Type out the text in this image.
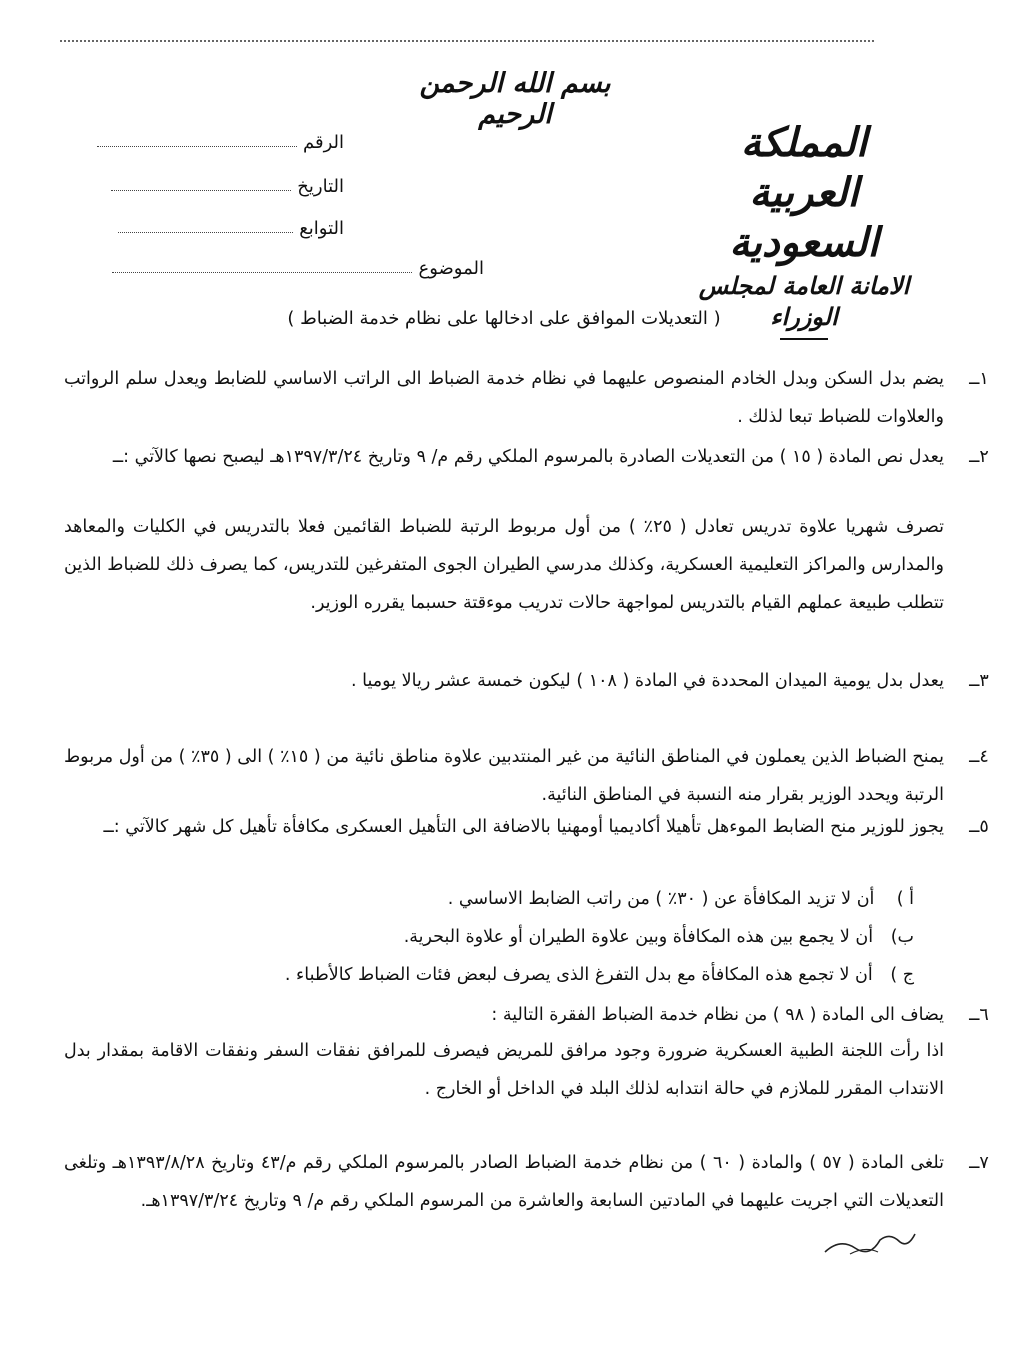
بسم الله الرحمن الرحيم
المملكة العربية السعودية
الامانة العامة لمجلس الوزراء
الرقم
التاريخ
التوابع
الموضوع
( التعديلات الموافق على ادخالها على نظام خدمة الضباط )
١ــ

يضم بدل السكن وبدل الخادم المنصوص عليهما في نظام خدمة الضباط الى الراتب الاساسي للضابط ويعدل سلم الرواتب والعلاوات للضباط تبعا لذلك .

٢ــ

يعدل نص المادة ( ١٥ ) من التعديلات الصادرة بالمرسوم الملكي رقم م/ ٩ وتاريخ ١٣٩٧/٣/٢٤هـ ليصبح نصها كالآتي :ــ

تصرف شهريا علاوة تدريس تعادل ( ٢٥٪ ) من أول مربوط الرتبة للضباط القائمين فعلا بالتدريس في الكليات والمعاهد والمدارس والمراكز التعليمية العسكرية، وكذلك مدرسي الطيران الجوى المتفرغين للتدريس، كما يصرف ذلك للضباط الذين تتطلب طبيعة عملهم القيام بالتدريس لمواجهة حالات تدريب موءقتة حسبما يقرره الوزير.

٣ــ

يعدل بدل يومية الميدان المحددة في المادة ( ١٠٨ ) ليكون خمسة عشر ريالا يوميا .

٤ــ

يمنح الضباط الذين يعملون في المناطق النائية من غير المنتدبين علاوة مناطق نائية من ( ١٥٪ ) الى ( ٣٥٪ ) من أول مربوط الرتبة ويحدد الوزير بقرار منه النسبة في المناطق النائية.

٥ــ

يجوز للوزير منح الضابط الموءهل تأهيلا أكاديميا أومهنيا بالاضافة الى التأهيل العسكرى مكافأة تأهيل كل شهر كالآتي :ــ

أ ) أن لا تزيد المكافأة عن ( ٣٠٪ ) من راتب الضابط الاساسي .
ب) أن لا يجمع بين هذه المكافأة وبين علاوة الطيران أو علاوة البحرية.
ج ) أن لا تجمع هذه المكافأة مع بدل التفرغ الذى يصرف لبعض فئات الضباط كالأطباء .
٦ــ

يضاف الى المادة ( ٩٨ ) من نظام خدمة الضباط الفقرة التالية :

اذا رأت اللجنة الطبية العسكرية ضرورة وجود مرافق للمريض فيصرف للمرافق نفقات السفر ونفقات الاقامة بمقدار بدل الانتداب المقرر للملازم في حالة انتدابه لذلك البلد في الداخل أو الخارج .

٧ــ

تلغى المادة ( ٥٧ ) والمادة ( ٦٠ ) من نظام خدمة الضباط الصادر بالمرسوم الملكي رقم م/٤٣ وتاريخ ١٣٩٣/٨/٢٨هـ وتلغى التعديلات التي اجريت عليهما في المادتين السابعة والعاشرة من المرسوم الملكي رقم م/ ٩ وتاريخ ١٣٩٧/٣/٢٤هـ.
